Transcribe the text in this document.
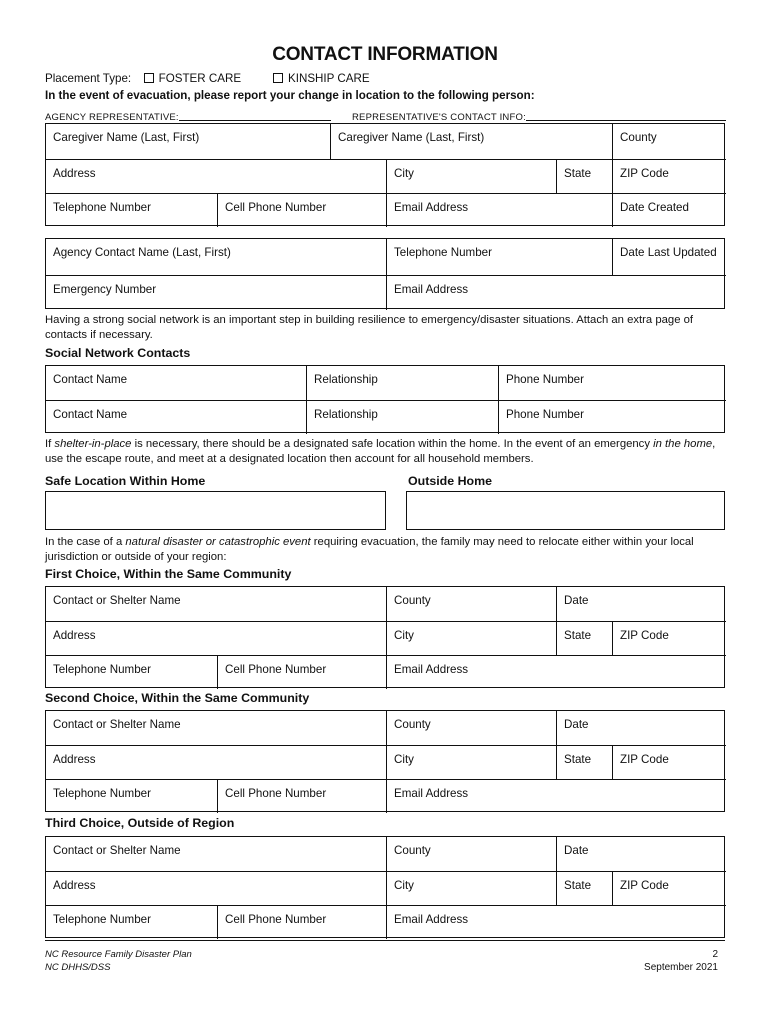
CONTACT INFORMATION
Placement Type: FOSTER CARE	KINSHIP CARE
In the event of evacuation, please report your change in location to the following person:
AGENCY REPRESENTATIVE:	REPRESENTATIVE'S CONTACT INFO:
Caregiver Name (Last, First)	Caregiver Name (Last, First)	County
Address	City	State	ZIP Code
Telephone Number	Cell Phone Number	Email Address	Date Created
Agency Contact Name (Last, First)	Telephone Number	Date Last Updated
Emergency Number	Email Address
Having a strong social network is an important step in building resilience to emergency/disaster situations. Attach an extra page of contacts if necessary.
Social Network Contacts
Contact Name	Relationship	Phone Number
Contact Name	Relationship	Phone Number
If shelter-in-place is necessary, there should be a designated safe location within the home. In the event of an emergency in the home, use the escape route, and meet at a designated location then account for all household members.
Safe Location Within Home	Outside Home
In the case of a natural disaster or catastrophic event requiring evacuation, the family may need to relocate either within your local jurisdiction or outside of your region:
First Choice, Within the Same Community
Contact or Shelter Name	County	Date
Address	City	State	ZIP Code
Telephone Number	Cell Phone Number	Email Address
Second Choice, Within the Same Community
Contact or Shelter Name	County	Date
Address	City	State	ZIP Code
Telephone Number	Cell Phone Number	Email Address
Third Choice, Outside of Region
Contact or Shelter Name	County	Date
Address	City	State	ZIP Code
Telephone Number	Cell Phone Number	Email Address
NC Resource Family Disaster Plan
NC DHHS/DSS
2
September 2021
